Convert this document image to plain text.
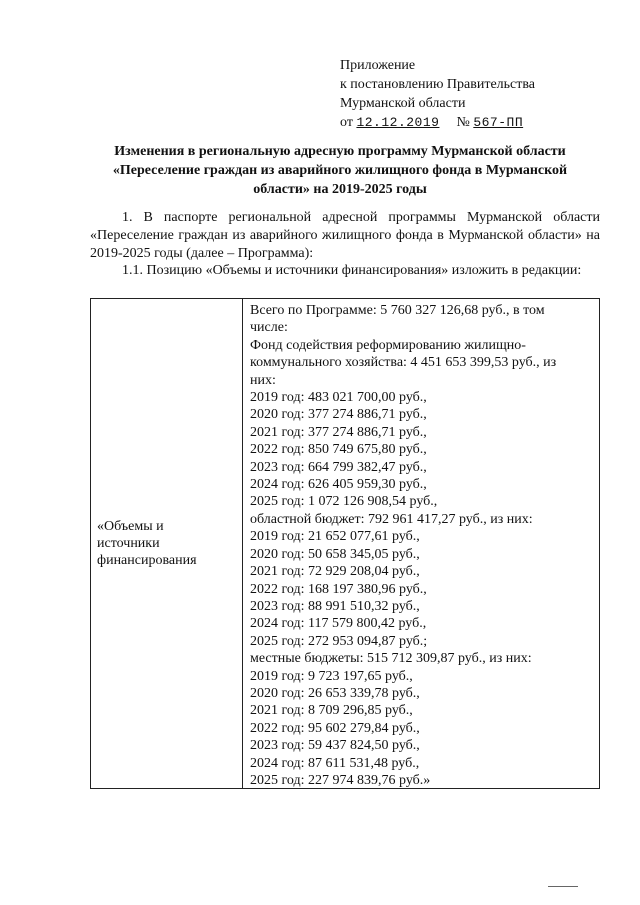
Приложение
к постановлению Правительства
Мурманской области
от 12.12.2019 № 567-ПП
Изменения в региональную адресную программу Мурманской области
«Переселение граждан из аварийного жилищного фонда в Мурманской
области» на 2019-2025 годы
1. В паспорте региональной адресной программы Мурманской области «Переселение граждан из аварийного жилищного фонда в Мурманской области» на 2019-2025 годы (далее – Программа):
1.1. Позицию «Объемы и источники финансирования» изложить в редакции:
«Объемы и
источники
финансирования
Всего по Программе: 5 760 327 126,68 руб., в том
числе:
Фонд содействия реформированию жилищно-
коммунального хозяйства: 4 451 653 399,53 руб., из
них:
2019 год: 483 021 700,00 руб.,
2020 год: 377 274 886,71 руб.,
2021 год: 377 274 886,71 руб.,
2022 год: 850 749 675,80 руб.,
2023 год: 664 799 382,47 руб.,
2024 год: 626 405 959,30 руб.,
2025 год: 1 072 126 908,54 руб.,
областной бюджет: 792 961 417,27 руб., из них:
2019 год: 21 652 077,61 руб.,
2020 год: 50 658 345,05 руб.,
2021 год: 72 929 208,04 руб.,
2022 год: 168 197 380,96 руб.,
2023 год: 88 991 510,32 руб.,
2024 год: 117 579 800,42 руб.,
2025 год: 272 953 094,87 руб.;
местные бюджеты: 515 712 309,87 руб., из них:
2019 год: 9 723 197,65 руб.,
2020 год: 26 653 339,78 руб.,
2021 год: 8 709 296,85 руб.,
2022 год: 95 602 279,84 руб.,
2023 год: 59 437 824,50 руб.,
2024 год: 87 611 531,48 руб.,
2025 год: 227 974 839,76 руб.»
